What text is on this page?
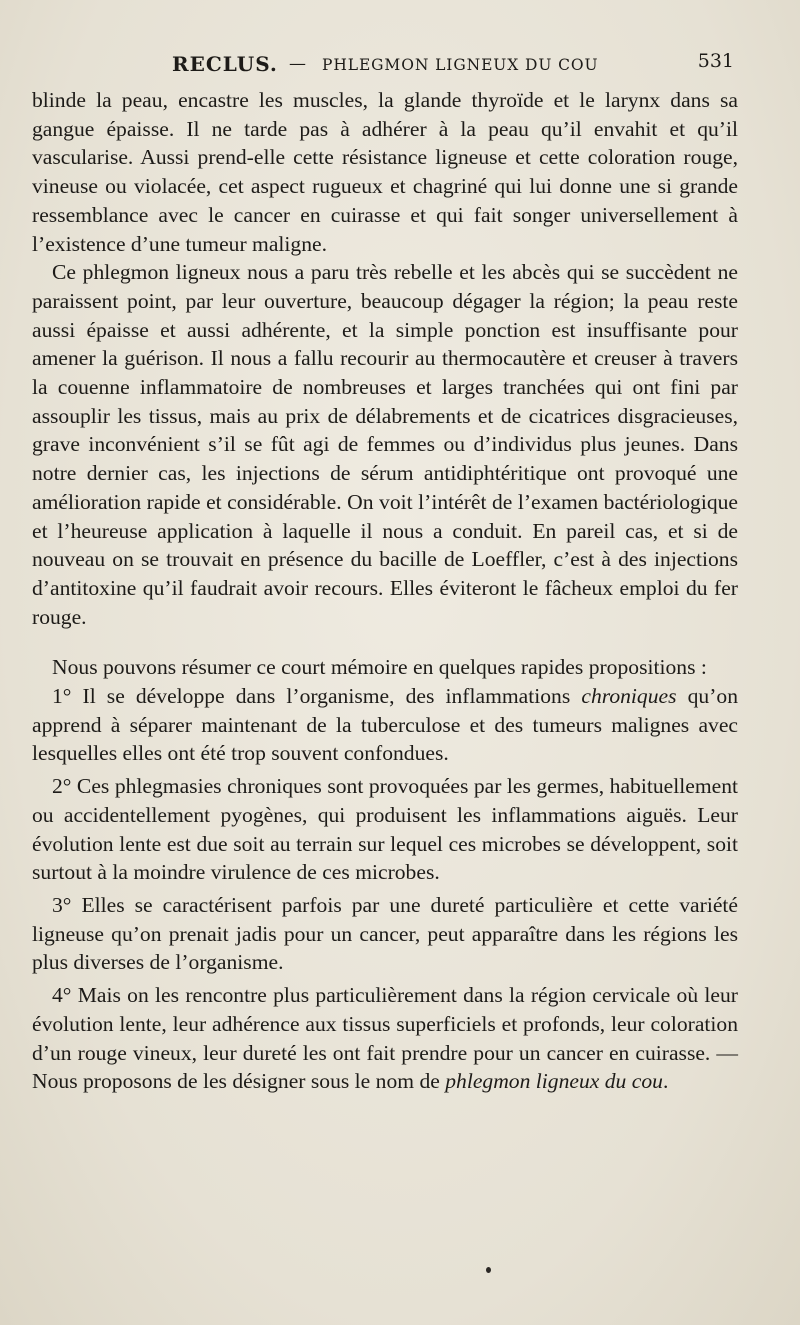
RECLUS. — PHLEGMON LIGNEUX DU COU	531

blinde la peau, encastre les muscles, la glande thyroïde et le larynx dans sa gangue épaisse. Il ne tarde pas à adhérer à la peau qu’il envahit et qu’il vascularise. Aussi prend-elle cette résistance ligneuse et cette coloration rouge, vineuse ou violacée, cet aspect rugueux et chagriné qui lui donne une si grande ressemblance avec le cancer en cuirasse et qui fait songer universellement à l’existence d’une tumeur maligne.

Ce phlegmon ligneux nous a paru très rebelle et les abcès qui se succèdent ne paraissent point, par leur ouverture, beaucoup dégager la région; la peau reste aussi épaisse et aussi adhérente, et la simple ponction est insuffisante pour amener la guérison. Il nous a fallu recourir au thermocautère et creuser à travers la couenne inflammatoire de nombreuses et larges tranchées qui ont fini par assouplir les tissus, mais au prix de délabrements et de cicatrices disgracieuses, grave inconvénient s’il se fût agi de femmes ou d’individus plus jeunes. Dans notre dernier cas, les injections de sérum antidiphtéritique ont provoqué une amélioration rapide et considérable. On voit l’intérêt de l’examen bactériologique et l’heureuse application à laquelle il nous a conduit. En pareil cas, et si de nouveau on se trouvait en présence du bacille de Loeffler, c’est à des injections d’antitoxine qu’il faudrait avoir recours. Elles éviteront le fâcheux emploi du fer rouge.

Nous pouvons résumer ce court mémoire en quelques rapides propositions :

1° Il se développe dans l’organisme, des inflammations chroniques qu’on apprend à séparer maintenant de la tuberculose et des tumeurs malignes avec lesquelles elles ont été trop souvent confondues.

2° Ces phlegmasies chroniques sont provoquées par les germes, habituellement ou accidentellement pyogènes, qui produisent les inflammations aiguës. Leur évolution lente est due soit au terrain sur lequel ces microbes se développent, soit surtout à la moindre virulence de ces microbes.

3° Elles se caractérisent parfois par une dureté particulière et cette variété ligneuse qu’on prenait jadis pour un cancer, peut apparaître dans les régions les plus diverses de l’organisme.

4° Mais on les rencontre plus particulièrement dans la région cervicale où leur évolution lente, leur adhérence aux tissus superficiels et profonds, leur coloration d’un rouge vineux, leur dureté les ont fait prendre pour un cancer en cuirasse. — Nous proposons de les désigner sous le nom de phlegmon ligneux du cou.
